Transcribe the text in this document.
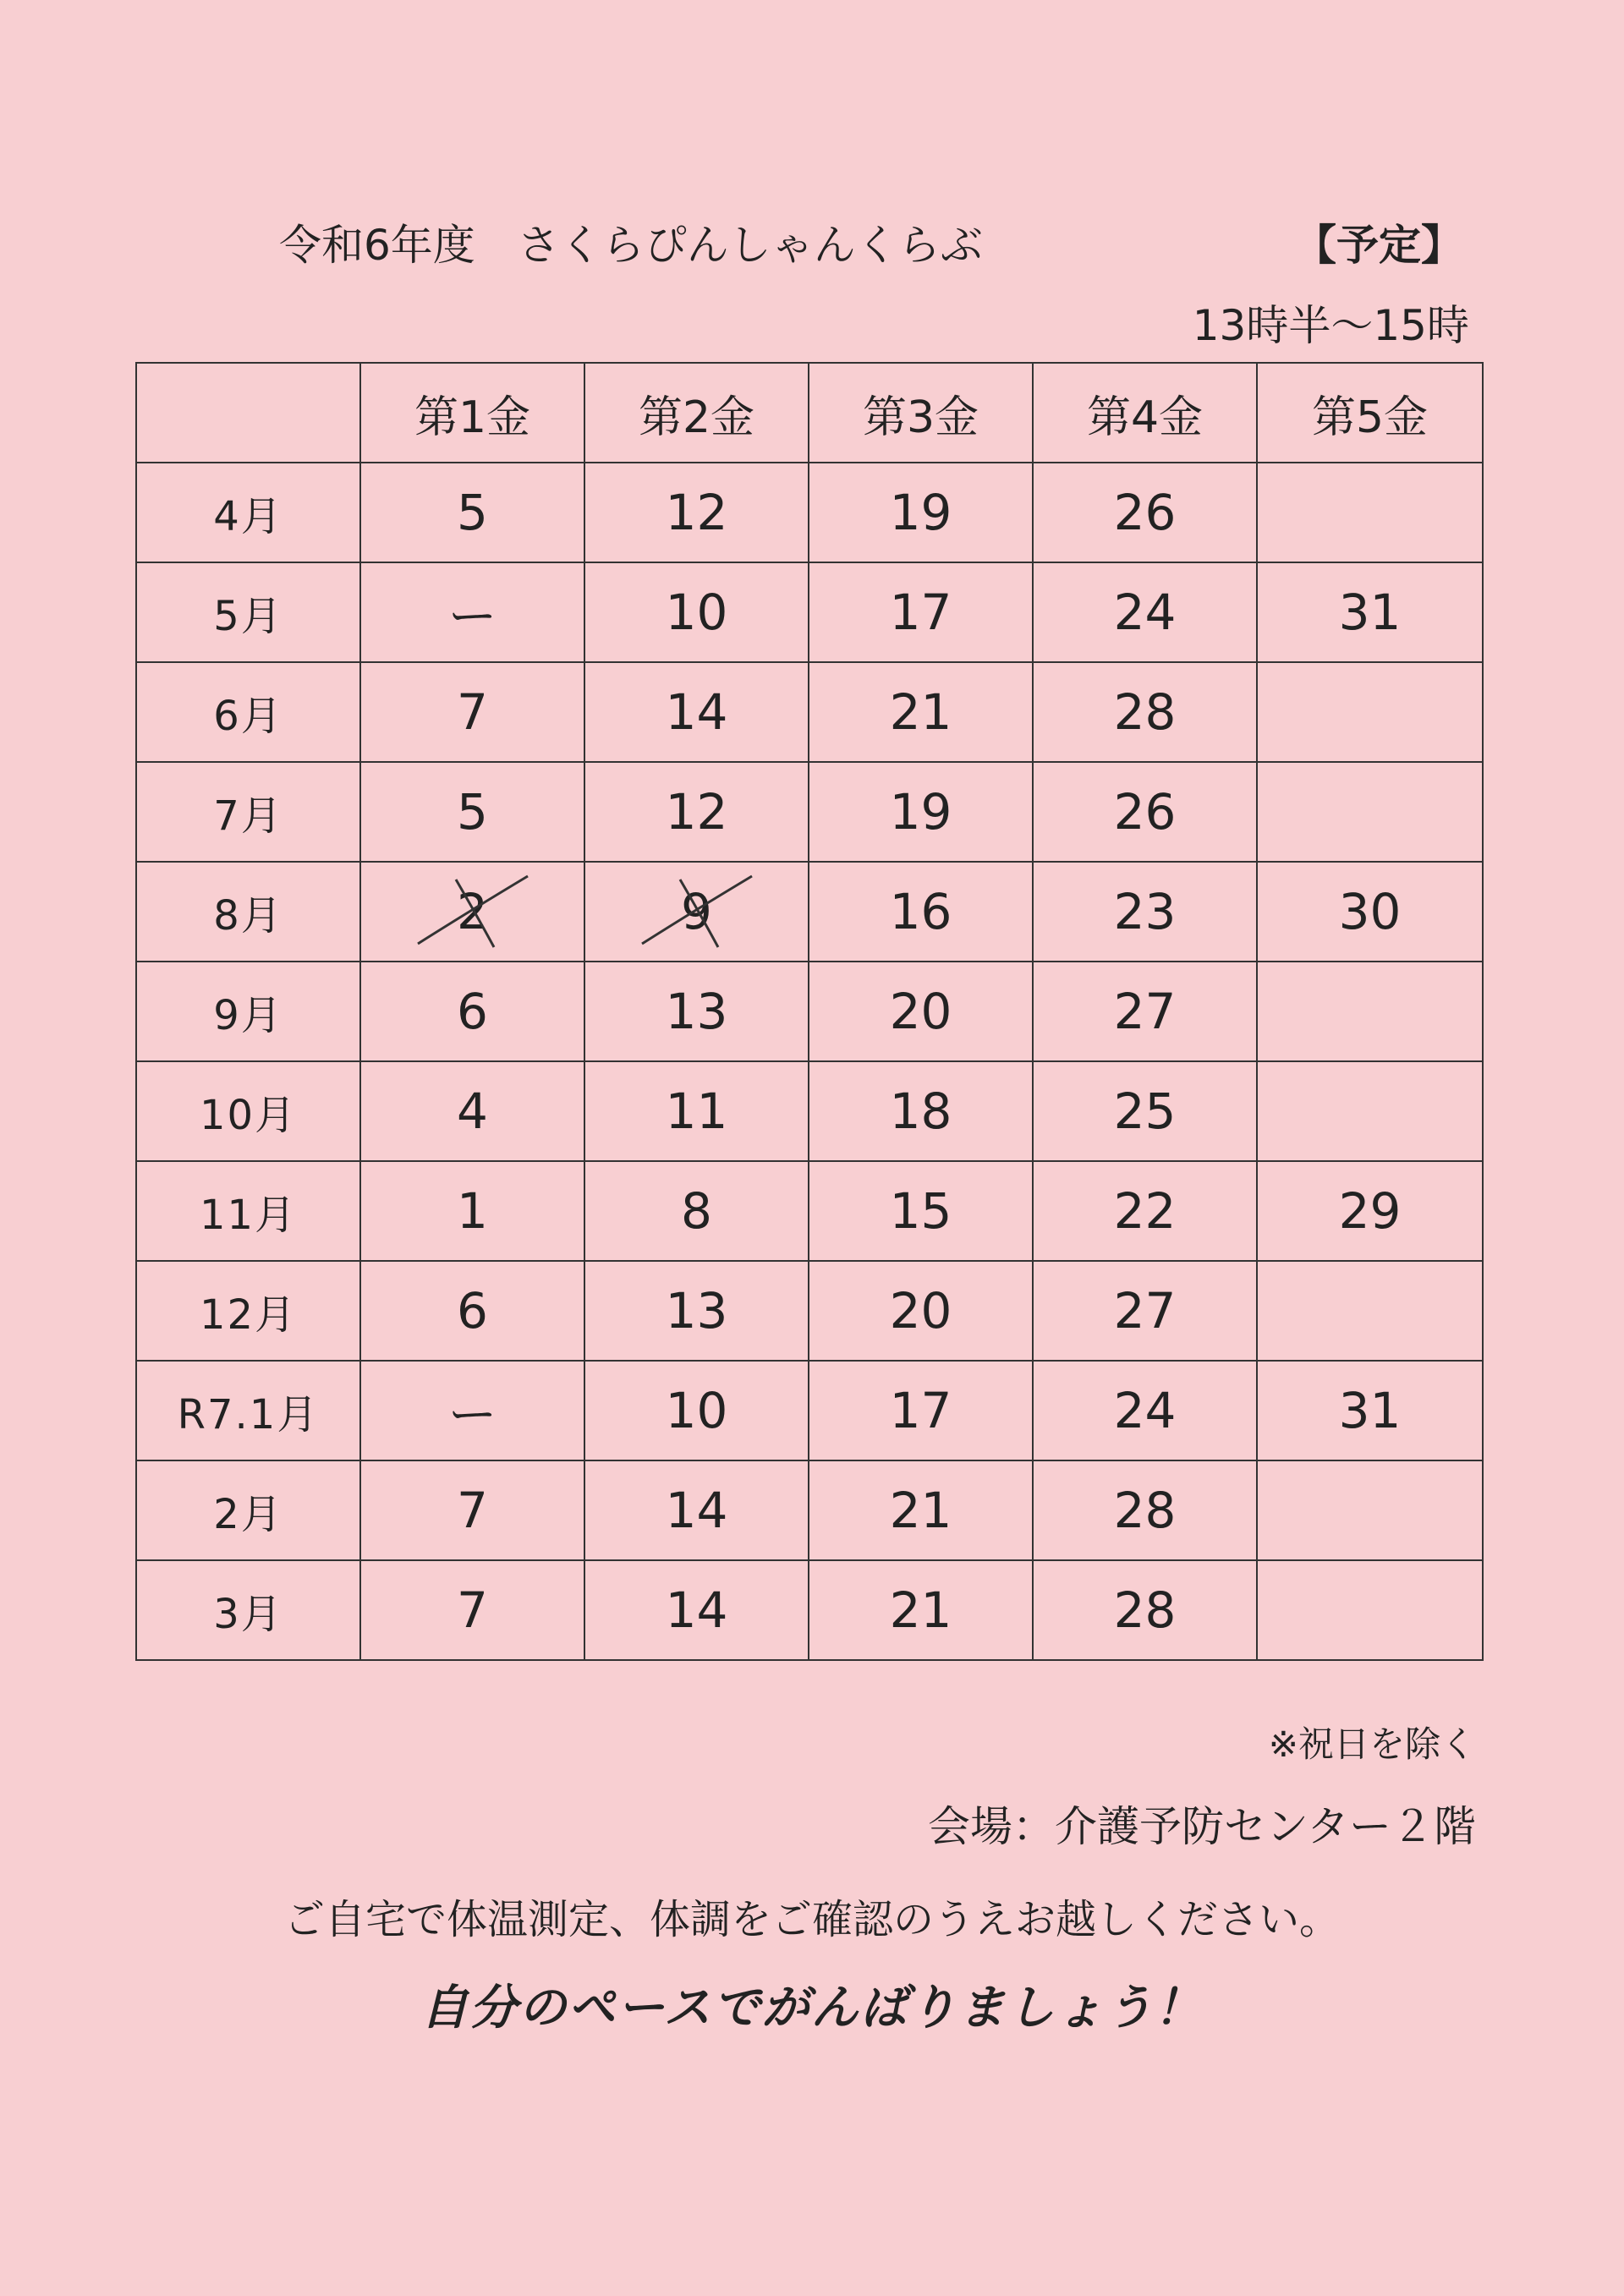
令和6年度　さくらぴんしゃんくらぶ	【予定】
13時半～15時
	第1金	第2金	第3金	第4金	第5金
4月	5	12	19	26	
5月	ー	10	17	24	31
6月	7	14	21	28	
7月	5	12	19	26	
8月	2	9	16	23	30
9月	6	13	20	27	
10月	4	11	18	25	
11月	1	8	15	22	29
12月	6	13	20	27	
R7.1月	ー	10	17	24	31
2月	7	14	21	28	
3月	7	14	21	28	
※祝日を除く
会場：介護予防センター２階
ご自宅で体温測定、体調をご確認のうえお越しください。
自分のペースでがんばりましょう！
